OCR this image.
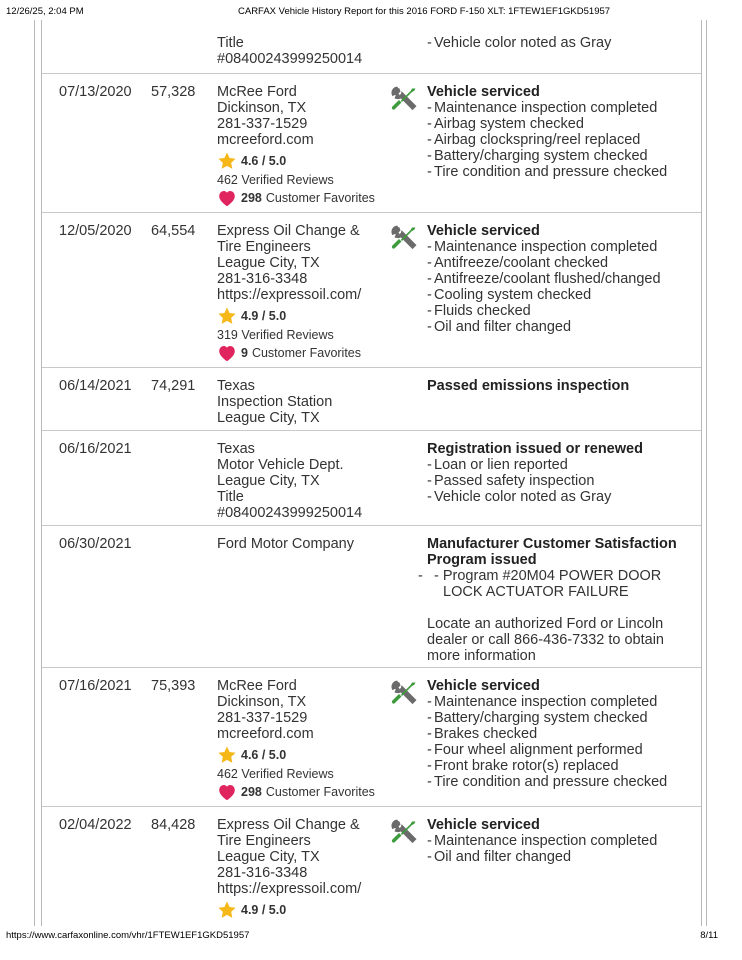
12/26/25, 2:04 PM	CARFAX Vehicle History Report for this 2016 FORD F-150 XLT: 1FTEW1EF1GKD51957
Title
#08400243999250014
- Vehicle color noted as Gray
07/13/2020 57,328 McRee Ford
Dickinson, TX
281-337-1529
mcreeford.com
4.6 / 5.0
462 Verified Reviews
298 Customer Favorites
Vehicle serviced
- Maintenance inspection completed
- Airbag system checked
- Airbag clockspring/reel replaced
- Battery/charging system checked
- Tire condition and pressure checked
12/05/2020 64,554 Express Oil Change &
Tire Engineers
League City, TX
281-316-3348
https://expressoil.com/
4.9 / 5.0
319 Verified Reviews
9 Customer Favorites
Vehicle serviced
- Maintenance inspection completed
- Antifreeze/coolant checked
- Antifreeze/coolant flushed/changed
- Cooling system checked
- Fluids checked
- Oil and filter changed
06/14/2021 74,291 Texas
Inspection Station
League City, TX
Passed emissions inspection
06/16/2021	Texas
Motor Vehicle Dept.
League City, TX
Title
#08400243999250014
Registration issued or renewed
- Loan or lien reported
- Passed safety inspection
- Vehicle color noted as Gray
06/30/2021	Ford Motor Company	Manufacturer Customer Satisfaction Program issued
- - Program #20M04 POWER DOOR LOCK ACTUATOR FAILURE
Locate an authorized Ford or Lincoln dealer or call 866-436-7332 to obtain more information
07/16/2021 75,393 McRee Ford
Dickinson, TX
281-337-1529
mcreeford.com
4.6 / 5.0
462 Verified Reviews
298 Customer Favorites
Vehicle serviced
- Maintenance inspection completed
- Battery/charging system checked
- Brakes checked
- Four wheel alignment performed
- Front brake rotor(s) replaced
- Tire condition and pressure checked
02/04/2022 84,428 Express Oil Change &
Tire Engineers
League City, TX
281-316-3348
https://expressoil.com/
4.9 / 5.0
Vehicle serviced
- Maintenance inspection completed
- Oil and filter changed
https://www.carfaxonline.com/vhr/1FTEW1EF1GKD51957	8/11
